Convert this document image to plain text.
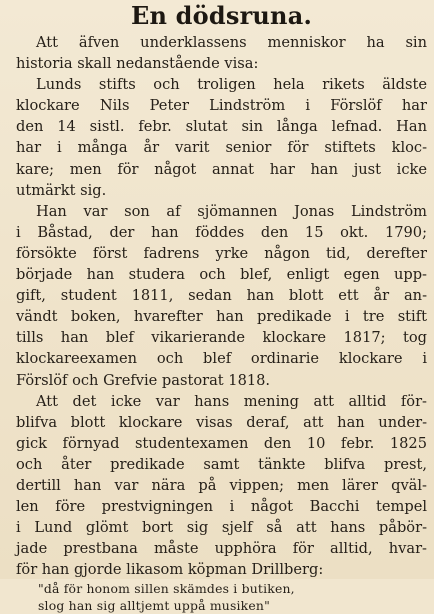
En dödsruna.
Att äfven underklassens menniskor ha sin
historia skall nedanstående visa:
Lunds stifts och troligen hela rikets äldste
klockare Nils Peter Lindström i Förslöf har
den 14 sistl. febr. slutat sin långa lefnad. Han
har i många år varit senior för stiftets kloc-
kare; men för något annat har han just icke
utmärkt sig.
Han var son af sjömannen Jonas Lindström
i Båstad, der han föddes den 15 okt. 1790;
försökte först fadrens yrke någon tid, derefter
började han studera och blef, enligt egen upp-
gift, student 1811, sedan han blott ett år an-
vändt boken, hvarefter han predikade i tre stift
tills han blef vikarierande klockare 1817; tog
klockareexamen och blef ordinarie klockare i
Förslöf och Grefvie pastorat 1818.
Att det icke var hans mening att alltid för-
blifva blott klockare visas deraf, att han under-
gick förnyad studentexamen den 10 febr. 1825
och åter predikade samt tänkte blifva prest,
dertill han var nära på vippen; men lärer qväl-
len före prestvigningen i något Bacchi tempel
i Lund glömt bort sig sjelf så att hans påbör-
jade prestbana måste upphöra för alltid, hvar-
för han gjorde likasom köpman Drillberg:
"då för honom sillen skämdes i butiken,
slog han sig alltjemt uppå musiken"
